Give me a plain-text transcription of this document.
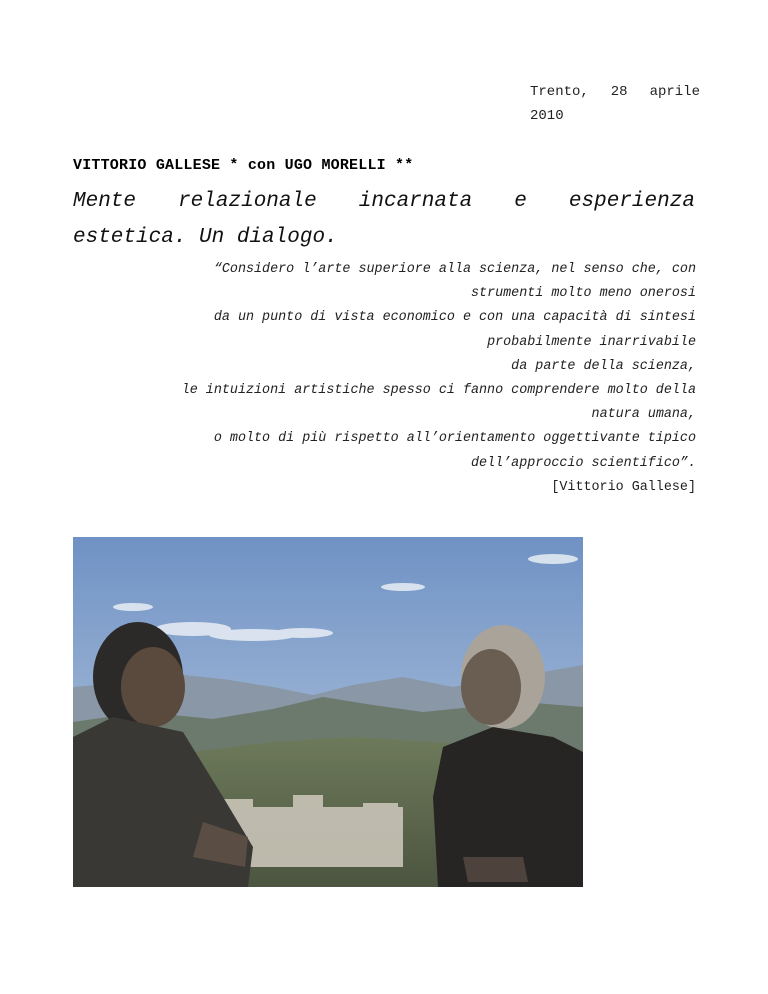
Trento, 28 aprile
2010
VITTORIO GALLESE * con UGO MORELLI **
Mente relazionale incarnata e esperienza
estetica. Un dialogo.
“Considero l’arte superiore alla scienza, nel senso che, con
strumenti molto meno onerosi
da un punto di vista economico e con una capacità di sintesi
probabilmente inarrivabile
da parte della scienza,
le intuizioni artistiche spesso ci fanno comprendere molto della
natura umana,
o molto di più rispetto all’orientamento oggettivante tipico
dell’approccio scientifico”.
[Vittorio Gallese]
